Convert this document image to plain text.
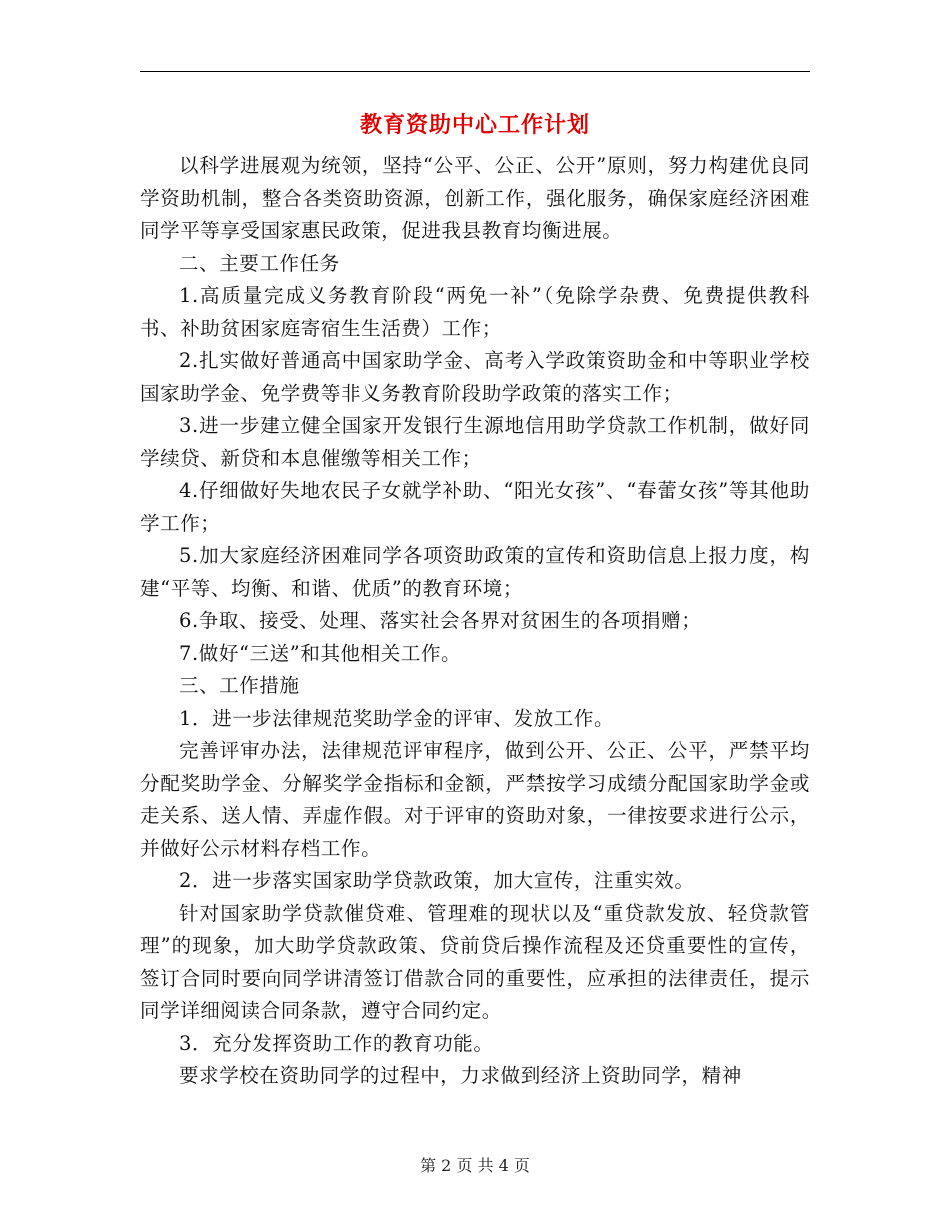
教育资助中心工作计划

以科学进展观为统领，坚持“公平、公正、公开”原则，努力构建优良同学资助机制，整合各类资助资源，创新工作，强化服务，确保家庭经济困难同学平等享受国家惠民政策，促进我县教育均衡进展。

二、主要工作任务

1.高质量完成义务教育阶段“两免一补”（免除学杂费、免费提供教科书、补助贫困家庭寄宿生生活费）工作；

2.扎实做好普通高中国家助学金、高考入学政策资助金和中等职业学校国家助学金、免学费等非义务教育阶段助学政策的落实工作；

3.进一步建立健全国家开发银行生源地信用助学贷款工作机制，做好同学续贷、新贷和本息催缴等相关工作；

4.仔细做好失地农民子女就学补助、“阳光女孩”、“春蕾女孩”等其他助学工作；

5.加大家庭经济困难同学各项资助政策的宣传和资助信息上报力度，构建“平等、均衡、和谐、优质”的教育环境；

6.争取、接受、处理、落实社会各界对贫困生的各项捐赠；

7.做好“三送”和其他相关工作。

三、工作措施

1．进一步法律规范奖助学金的评审、发放工作。

完善评审办法，法律规范评审程序，做到公开、公正、公平，严禁平均分配奖助学金、分解奖学金指标和金额，严禁按学习成绩分配国家助学金或走关系、送人情、弄虚作假。对于评审的资助对象，一律按要求进行公示，并做好公示材料存档工作。

2．进一步落实国家助学贷款政策，加大宣传，注重实效。

针对国家助学贷款催贷难、管理难的现状以及“重贷款发放、轻贷款管理”的现象，加大助学贷款政策、贷前贷后操作流程及还贷重要性的宣传，签订合同时要向同学讲清签订借款合同的重要性，应承担的法律责任，提示同学详细阅读合同条款，遵守合同约定。

3．充分发挥资助工作的教育功能。

要求学校在资助同学的过程中，力求做到经济上资助同学，精神

第 2 页 共 4 页
